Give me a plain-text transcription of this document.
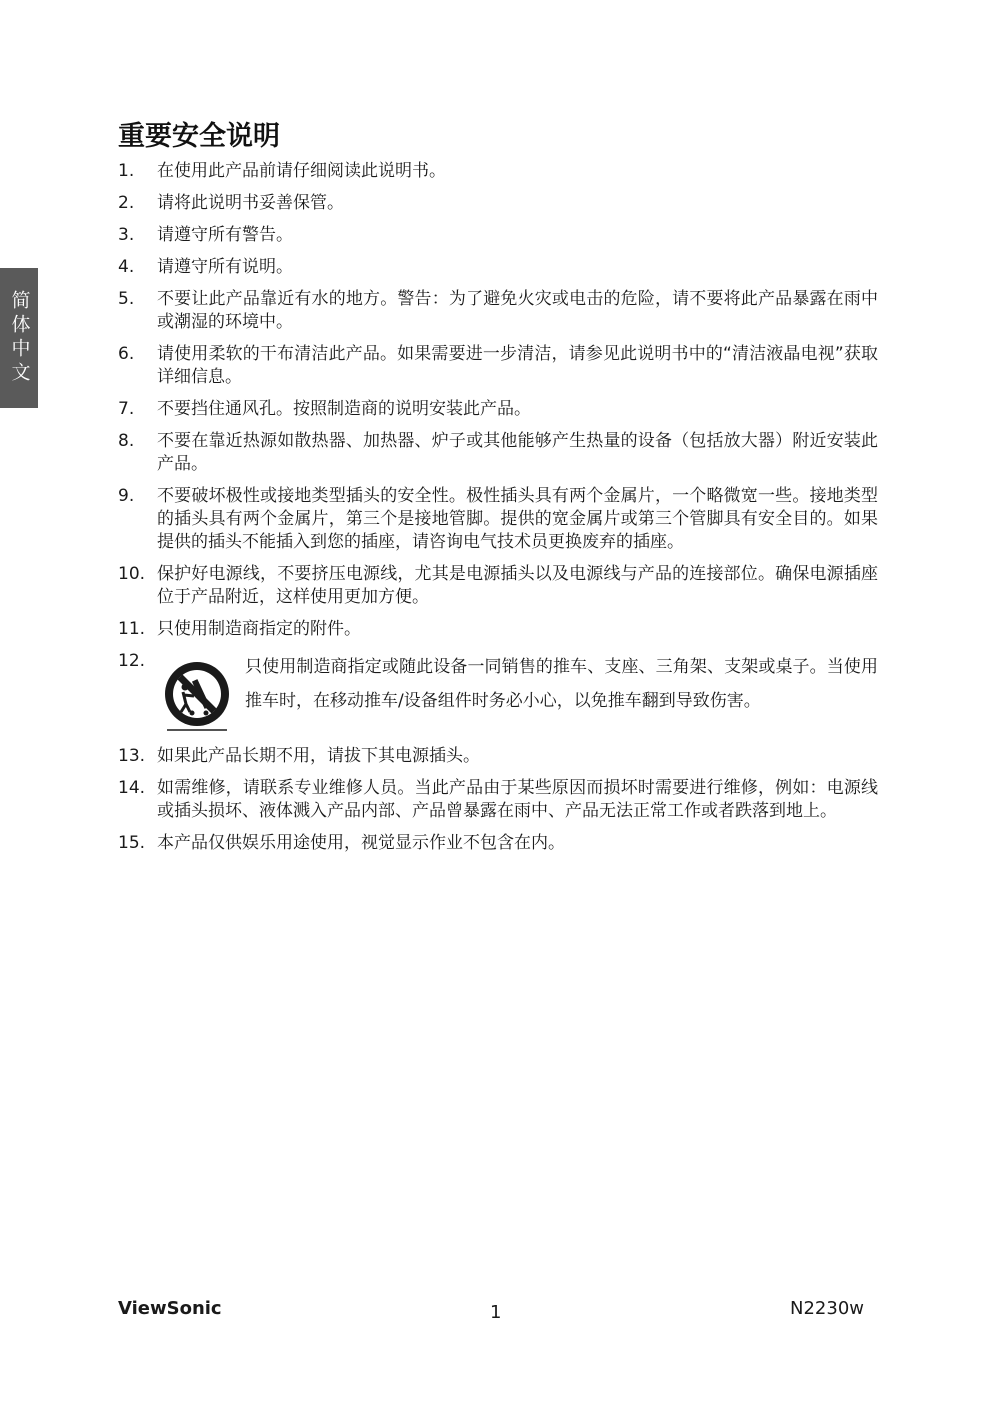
简体中文
重要安全说明
1.	在使用此产品前请仔细阅读此说明书。
2.	请将此说明书妥善保管。
3.	请遵守所有警告。
4.	请遵守所有说明。
5.	不要让此产品靠近有水的地方。警告：为了避免火灾或电击的危险，请不要将此产品暴露在雨中或潮湿的环境中。
6.	请使用柔软的干布清洁此产品。如果需要进一步清洁，请参见此说明书中的“清洁液晶电视”获取详细信息。
7.	不要挡住通风孔。按照制造商的说明安装此产品。
8.	不要在靠近热源如散热器、加热器、炉子或其他能够产生热量的设备（包括放大器）附近安装此产品。
9.	不要破坏极性或接地类型插头的安全性。极性插头具有两个金属片，一个略微宽一些。接地类型的插头具有两个金属片，第三个是接地管脚。提供的宽金属片或第三个管脚具有安全目的。如果提供的插头不能插入到您的插座，请咨询电气技术员更换废弃的插座。
10. 保护好电源线，不要挤压电源线，尤其是电源插头以及电源线与产品的连接部位。确保电源插座位于产品附近，这样使用更加方便。
11. 只使用制造商指定的附件。
12.	只使用制造商指定或随此设备一同销售的推车、支座、三角架、支架或桌子。当使用推车时，在移动推车/设备组件时务必小心，以免推车翻到导致伤害。
13. 如果此产品长期不用，请拔下其电源插头。
14. 如需维修，请联系专业维修人员。当此产品由于某些原因而损坏时需要进行维修，例如：电源线或插头损坏、液体溅入产品内部、产品曾暴露在雨中、产品无法正常工作或者跌落到地上。
15. 本产品仅供娱乐用途使用，视觉显示作业不包含在内。
ViewSonic	1	N2230w
